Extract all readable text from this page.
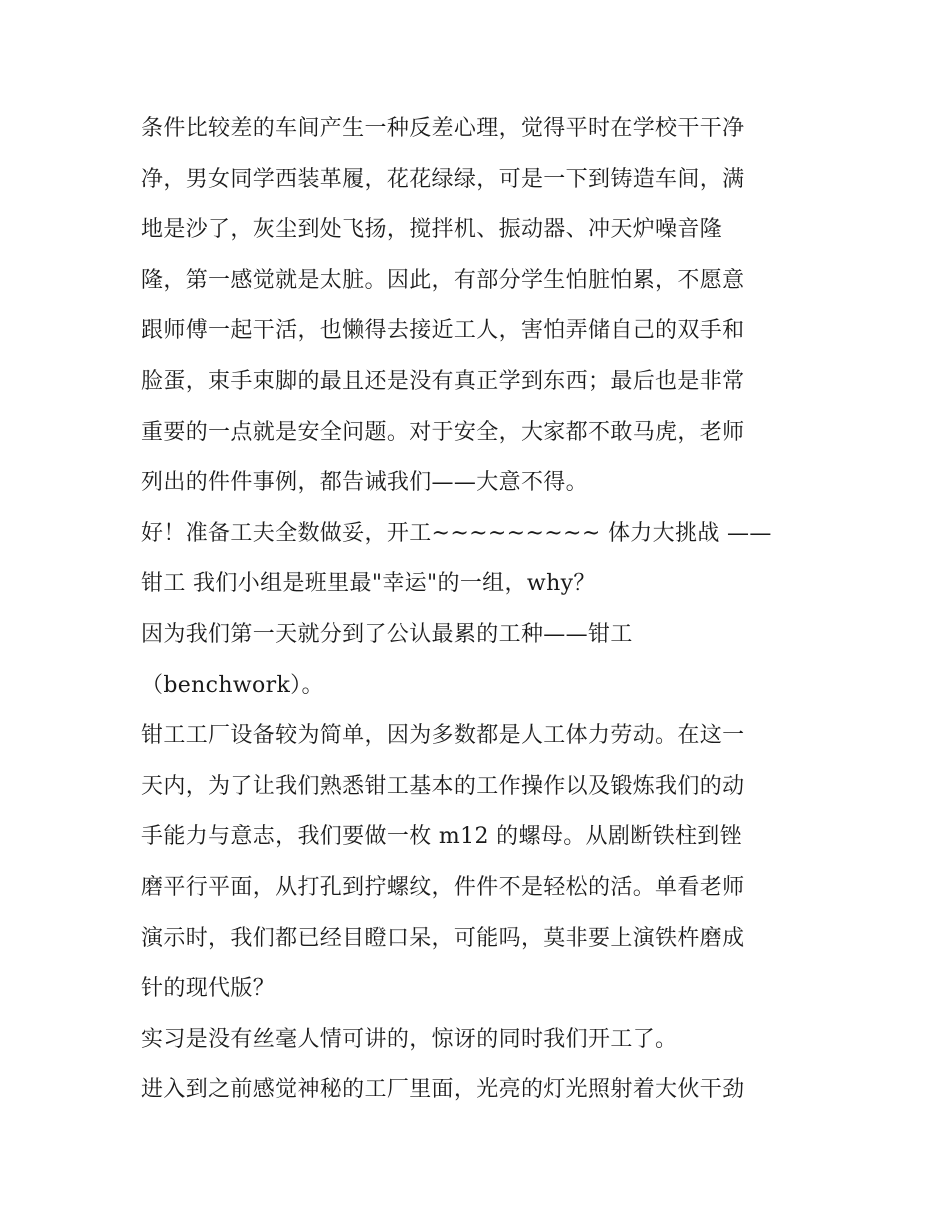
条件比较差的车间产生一种反差心理，觉得平时在学校干干净
净，男女同学西装革履，花花绿绿，可是一下到铸造车间，满
地是沙了，灰尘到处飞扬，搅拌机、振动器、冲天炉噪音隆
隆，第一感觉就是太脏。因此，有部分学生怕脏怕累，不愿意
跟师傅一起干活，也懒得去接近工人，害怕弄储自己的双手和
脸蛋，束手束脚的最且还是没有真正学到东西；最后也是非常
重要的一点就是安全问题。对于安全，大家都不敢马虎，老师
列出的件件事例，都告诫我们——大意不得。
好！准备工夫全数做妥，开工~~~~~~~~~ 体力大挑战 ——
钳工 我们小组是班里最"幸运"的一组，why？
因为我们第一天就分到了公认最累的工种——钳工
（benchwork）。
钳工工厂设备较为简单，因为多数都是人工体力劳动。在这一
天内，为了让我们熟悉钳工基本的工作操作以及锻炼我们的动
手能力与意志，我们要做一枚 m12 的螺母。从剧断铁柱到锉
磨平行平面，从打孔到拧螺纹，件件不是轻松的活。单看老师
演示时，我们都已经目瞪口呆，可能吗，莫非要上演铁杵磨成
针的现代版？
实习是没有丝毫人情可讲的，惊讶的同时我们开工了。
进入到之前感觉神秘的工厂里面，光亮的灯光照射着大伙干劲
